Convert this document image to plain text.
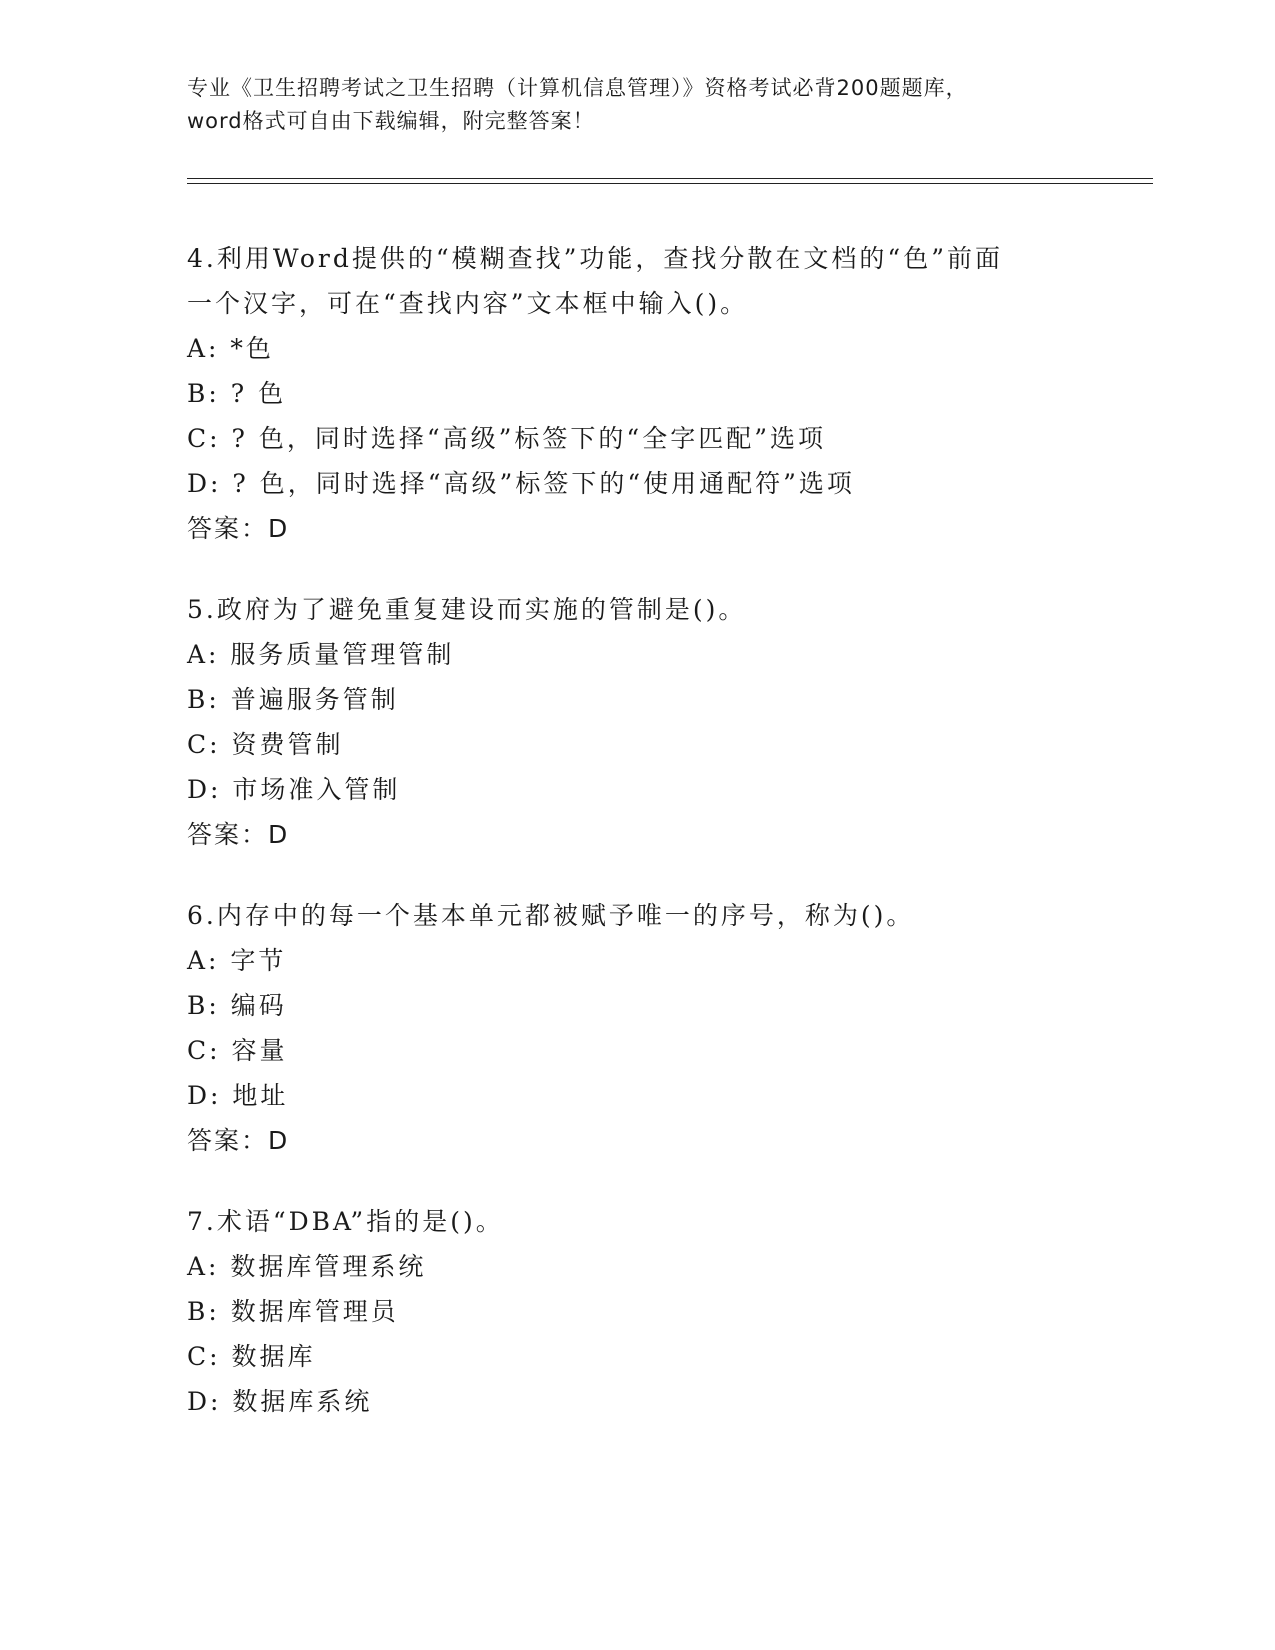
专业《卫生招聘考试之卫生招聘（计算机信息管理）》资格考试必背200题题库，
word格式可自由下载编辑，附完整答案！
4.利用Word提供的“模糊查找”功能，查找分散在文档的“色”前面
一个汉字，可在“查找内容”文本框中输入()。
A: *色
B: ? 色
C: ? 色，同时选择“高级”标签下的“全字匹配”选项
D: ? 色，同时选择“高级”标签下的“使用通配符”选项
答案：D
5.政府为了避免重复建设而实施的管制是()。
A: 服务质量管理管制
B: 普遍服务管制
C: 资费管制
D: 市场准入管制
答案：D
6.内存中的每一个基本单元都被赋予唯一的序号，称为()。
A: 字节
B: 编码
C: 容量
D: 地址
答案：D
7.术语“DBA”指的是()。
A: 数据库管理系统
B: 数据库管理员
C: 数据库
D: 数据库系统
